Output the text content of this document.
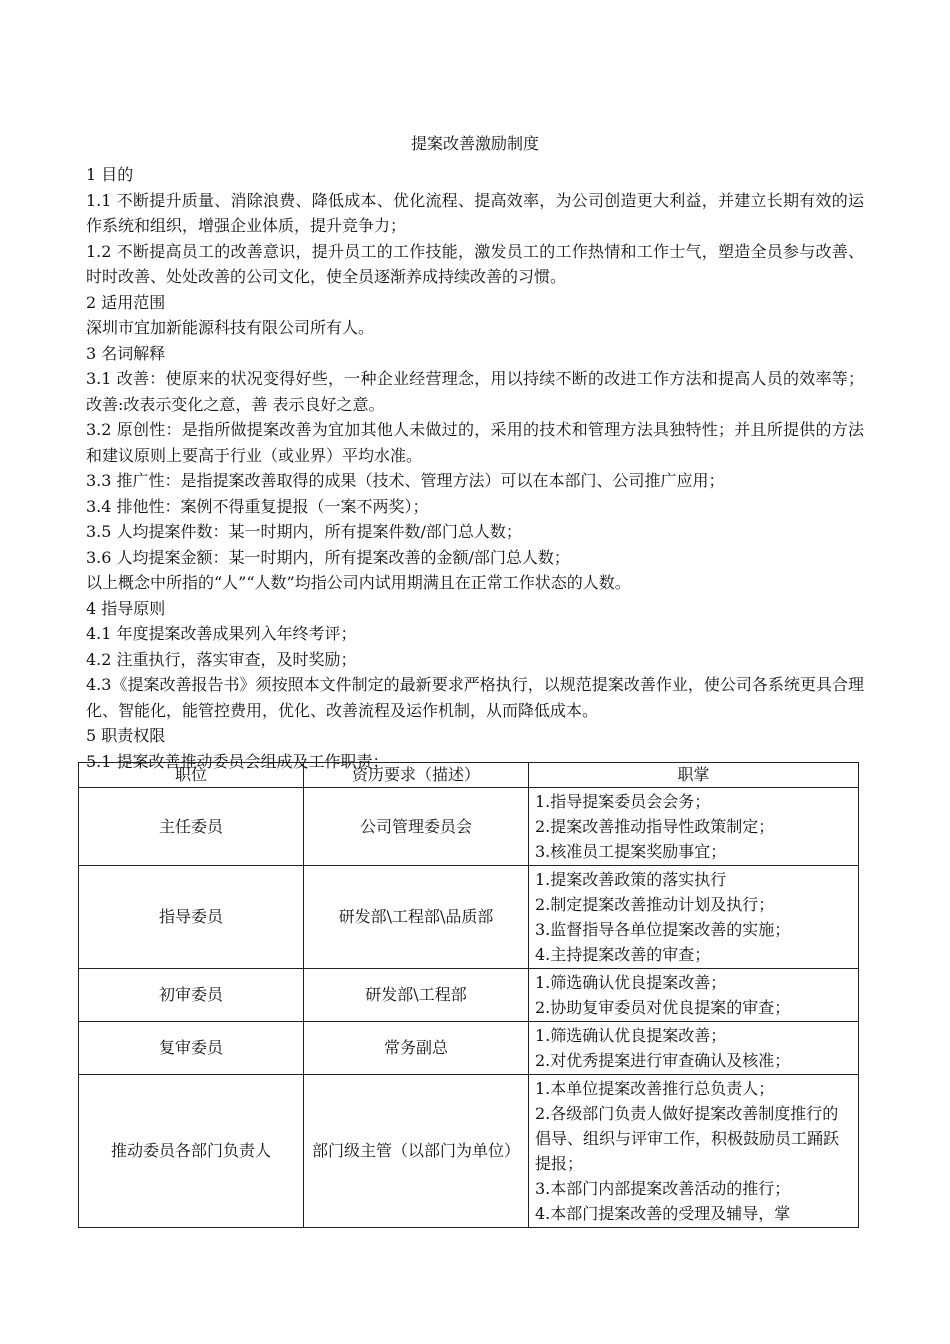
提案改善激励制度

1 目的

1.1 不断提升质量、消除浪费、降低成本、优化流程、提高效率，为公司创造更大利益，并建立长期有效的运作系统和组织，增强企业体质，提升竞争力；

1.2 不断提高员工的改善意识，提升员工的工作技能，激发员工的工作热情和工作士气，塑造全员参与改善、时时改善、处处改善的公司文化，使全员逐渐养成持续改善的习惯。

2 适用范围

深圳市宜加新能源科技有限公司所有人。

3 名词解释

3.1 改善：使原来的状况变得好些，一种企业经营理念，用以持续不断的改进工作方法和提高人员的效率等；改善:改表示变化之意，善 表示良好之意。

3.2 原创性：是指所做提案改善为宜加其他人未做过的，采用的技术和管理方法具独特性；并且所提供的方法和建议原则上要高于行业（或业界）平均水准。

3.3 推广性：是指提案改善取得的成果（技术、管理方法）可以在本部门、公司推广应用；

3.4 排他性：案例不得重复提报（一案不两奖）；

3.5 人均提案件数：某一时期内，所有提案件数/部门总人数；

3.6 人均提案金额：某一时期内，所有提案改善的金额/部门总人数；

以上概念中所指的“人”“人数”均指公司内试用期满且在正常工作状态的人数。

4 指导原则

4.1 年度提案改善成果列入年终考评；

4.2 注重执行，落实审查，及时奖励；

4.3《提案改善报告书》须按照本文件制定的最新要求严格执行，以规范提案改善作业，使公司各系统更具合理化、智能化，能管控费用，优化、改善流程及运作机制，从而降低成本。

5 职责权限

5.1 提案改善推动委员会组成及工作职责；

职位	资历要求（描述）	职掌
主任委员	公司管理委员会	1.指导提案委员会会务；
2.提案改善推动指导性政策制定；
3.核准员工提案奖励事宜；

指导委员	研发部\工程部\品质部	1.提案改善政策的落实执行
2.制定提案改善推动计划及执行；
3.监督指导各单位提案改善的实施；
4.主持提案改善的审查；

初审委员	研发部\工程部	1.筛选确认优良提案改善；
2.协助复审委员对优良提案的审查；

复审委员	常务副总	1.筛选确认优良提案改善；
2.对优秀提案进行审查确认及核准；

推动委员各部门负责人	部门级主管（以部门为单位）	1.本单位提案改善推行总负责人；
2.各级部门负责人做好提案改善制度推行的倡导、组织与评审工作，积极鼓励员工踊跃提报；
3.本部门内部提案改善活动的推行；
4.本部门提案改善的受理及辅导，掌
